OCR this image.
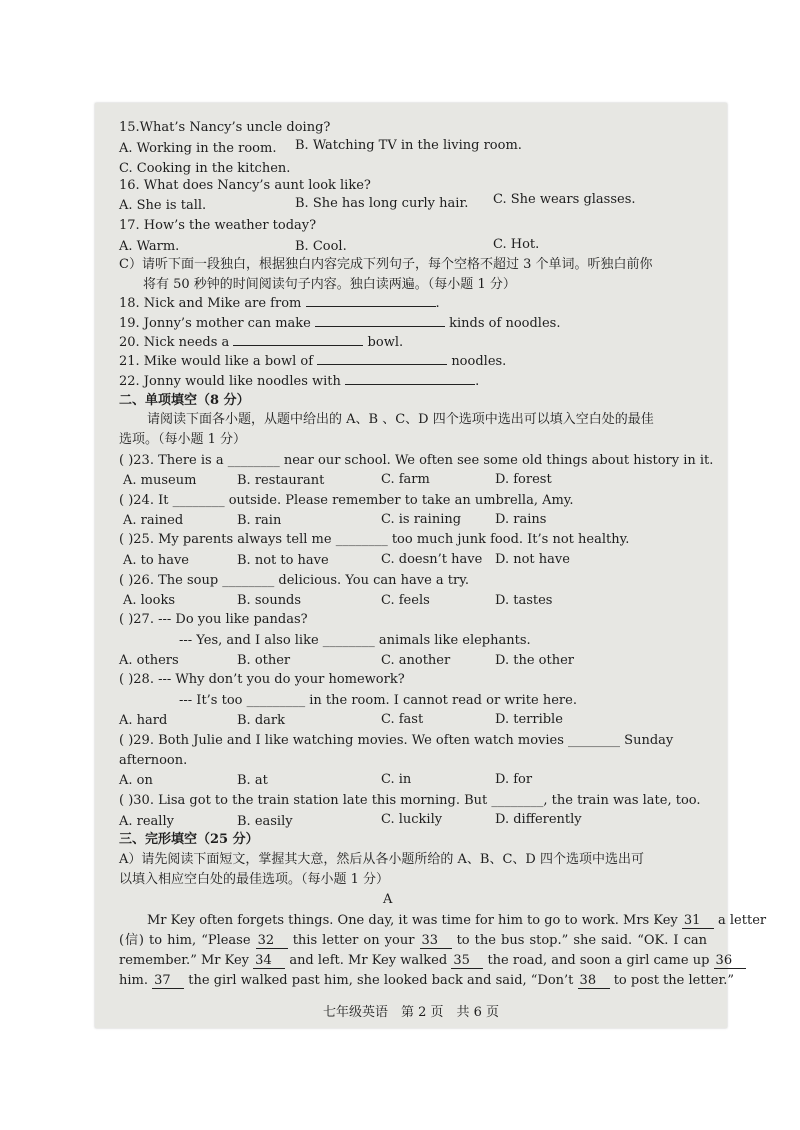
15.What’s Nancy’s uncle doing?
A. Working in the room. B. Watching TV in the living room.
C. Cooking in the kitchen.
16. What does Nancy’s aunt look like?
A. She is tall.	B. She has long curly hair. C. She wears glasses.
17. How’s the weather today?
A. Warm.	B. Cool.	C. Hot.
C）请听下面一段独白，根据独白内容完成下列句子，每个空格不超过 3 个单词。听独白前你
将有 50 秒钟的时间阅读句子内容。独白读两遍。（每小题 1 分）
18. Nick and Mike are from	.
19. Jonny’s mother can make	kinds of noodles.
20. Nick needs a	bowl.
21. Mike would like a bowl of	noodles.
22. Jonny would like noodles with	.
二、单项填空（8 分）
请阅读下面各小题，从题中给出的 A、B 、C、D 四个选项中选出可以填入空白处的最佳
选项。（每小题 1 分）
( )23. There is a ________ near our school. We often see some old things about history in it.
A. museum	B. restaurant	C. farm	D. forest
( )24. It ________ outside. Please remember to take an umbrella, Amy.
A. rained	B. rain	C. is raining	D. rains
( )25. My parents always tell me ________ too much junk food. It’s not healthy.
A. to have	B. not to have	C. doesn’t have D. not have
( )26. The soup ________ delicious. You can have a try.
A. looks	B. sounds	C. feels	D. tastes
( )27. --- Do you like pandas?
--- Yes, and I also like ________ animals like elephants.
A. others	B. other	C. another	D. the other
( )28. --- Why don’t you do your homework?
--- It’s too _________ in the room. I cannot read or write here.
A. hard	B. dark	C. fast	D. terrible
( )29. Both Julie and I like watching movies. We often watch movies ________ Sunday
afternoon.
A. on	B. at	C. in	D. for
( )30. Lisa got to the train station late this morning. But ________, the train was late, too.
A. really	B. easily	C. luckily	D. differently
三、完形填空（25 分）
A）请先阅读下面短文，掌握其大意，然后从各小题所给的 A、B、C、D 四个选项中选出可
以填入相应空白处的最佳选项。（每小题 1 分）
A
Mr Key often forgets things. One day, it was time for him to go to work. Mrs Key 31 a letter
(信) to him, “Please 32 this letter on your 33 to the bus stop.” she said. “OK. I can
remember.” Mr Key 34 and left. Mr Key walked 35 the road, and soon a girl came up 36
him. 37 the girl walked past him, she looked back and said, “Don’t 38 to post the letter.”
七年级英语　第 2 页　共 6 页
